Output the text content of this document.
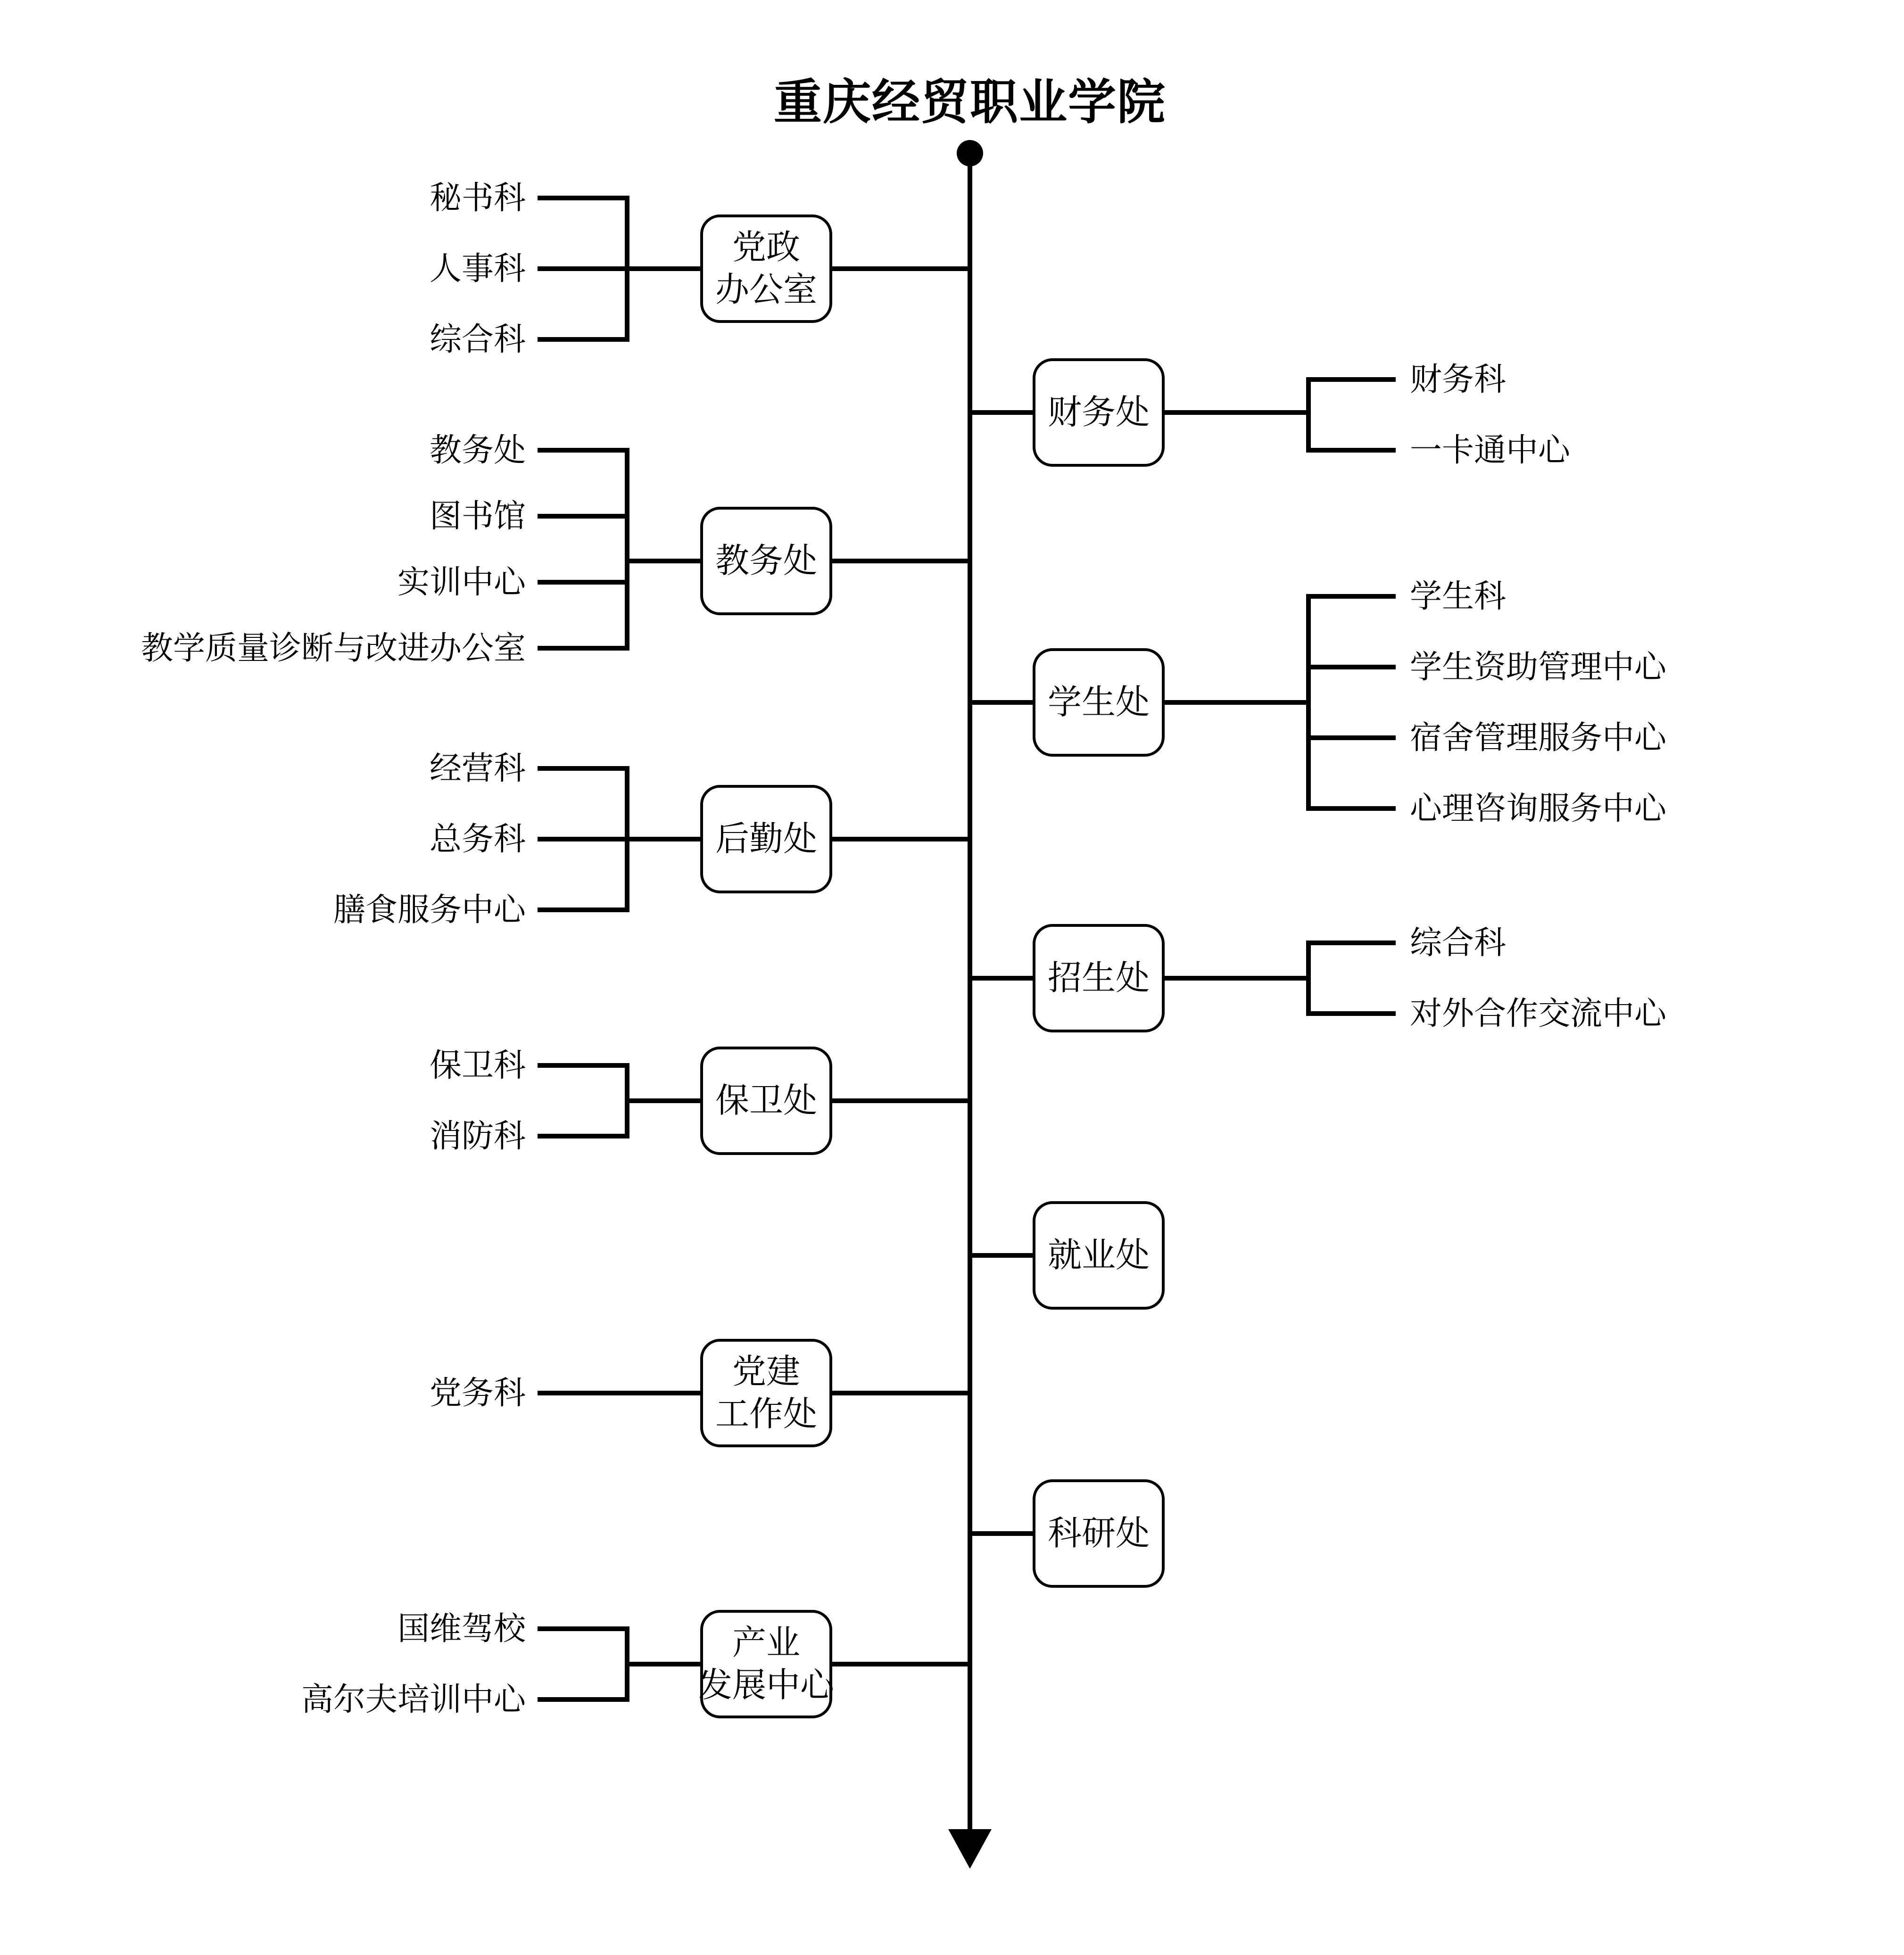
重庆经贸职业学院
秘书科
人事科
综合科
党政
办公室
教务处
图书馆
实训中心
教学质量诊断与改进办公室
教务处
经营科
总务科
膳食服务中心
后勤处
保卫科
消防科
保卫处
党务科
党建
工作处
国维驾校
高尔夫培训中心
产业
发展中心
财务处
财务科
一卡通中心
学生处
学生科
学生资助管理中心
宿舍管理服务中心
心理咨询服务中心
招生处
综合科
对外合作交流中心
就业处
科研处
